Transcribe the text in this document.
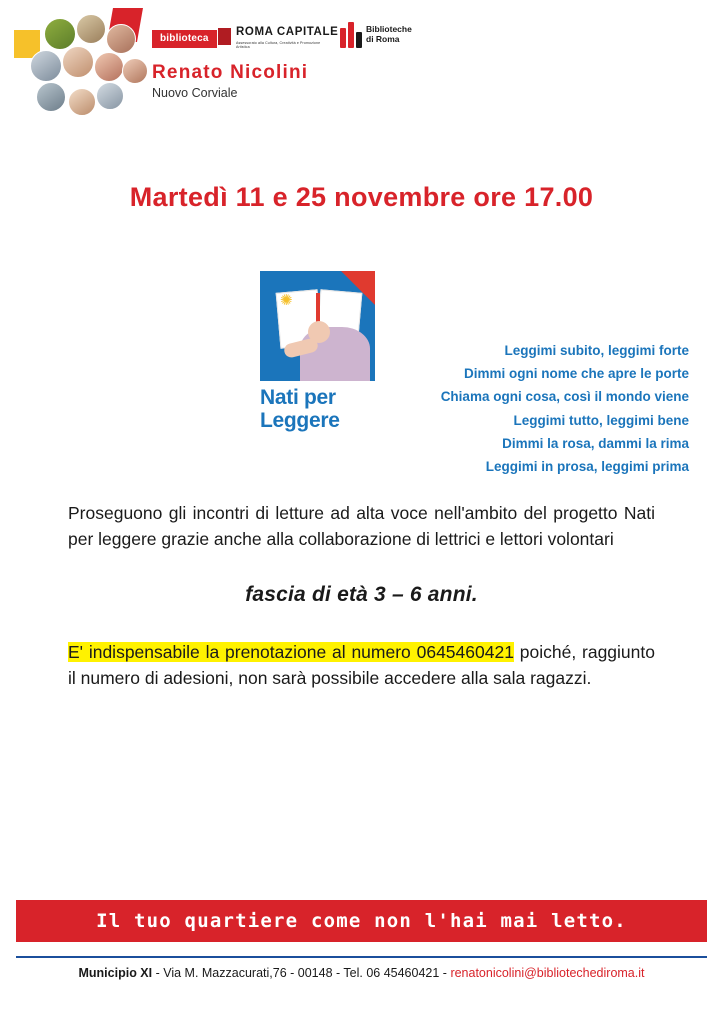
biblioteca
ROMA CAPITALE
Assessorato alla Cultura, Creatività e Promozione Artistica
Biblioteche
di Roma
Renato Nicolini
Nuovo Corviale
Martedì 11 e 25 novembre ore 17.00
✺
Nati per
Leggere
Leggimi subito, leggimi forte
Dimmi ogni nome che apre le porte
Chiama ogni cosa, così il mondo viene
Leggimi tutto, leggimi bene
Dimmi la rosa, dammi la rima
Leggimi in prosa, leggimi prima
Proseguono gli incontri di letture ad alta voce nell'ambito del progetto Nati per leggere grazie anche alla collaborazione di lettrici e lettori volontari
fascia di età 3 – 6 anni.
E' indispensabile la prenotazione al numero 0645460421 poiché, raggiunto il numero di adesioni, non sarà possibile accedere alla sala ragazzi.
Il tuo quartiere come non l'hai mai letto.
Municipio XI - Via M. Mazzacurati,76 - 00148 - Tel. 06 45460421 - renatonicolini@bibliotechediroma.it
